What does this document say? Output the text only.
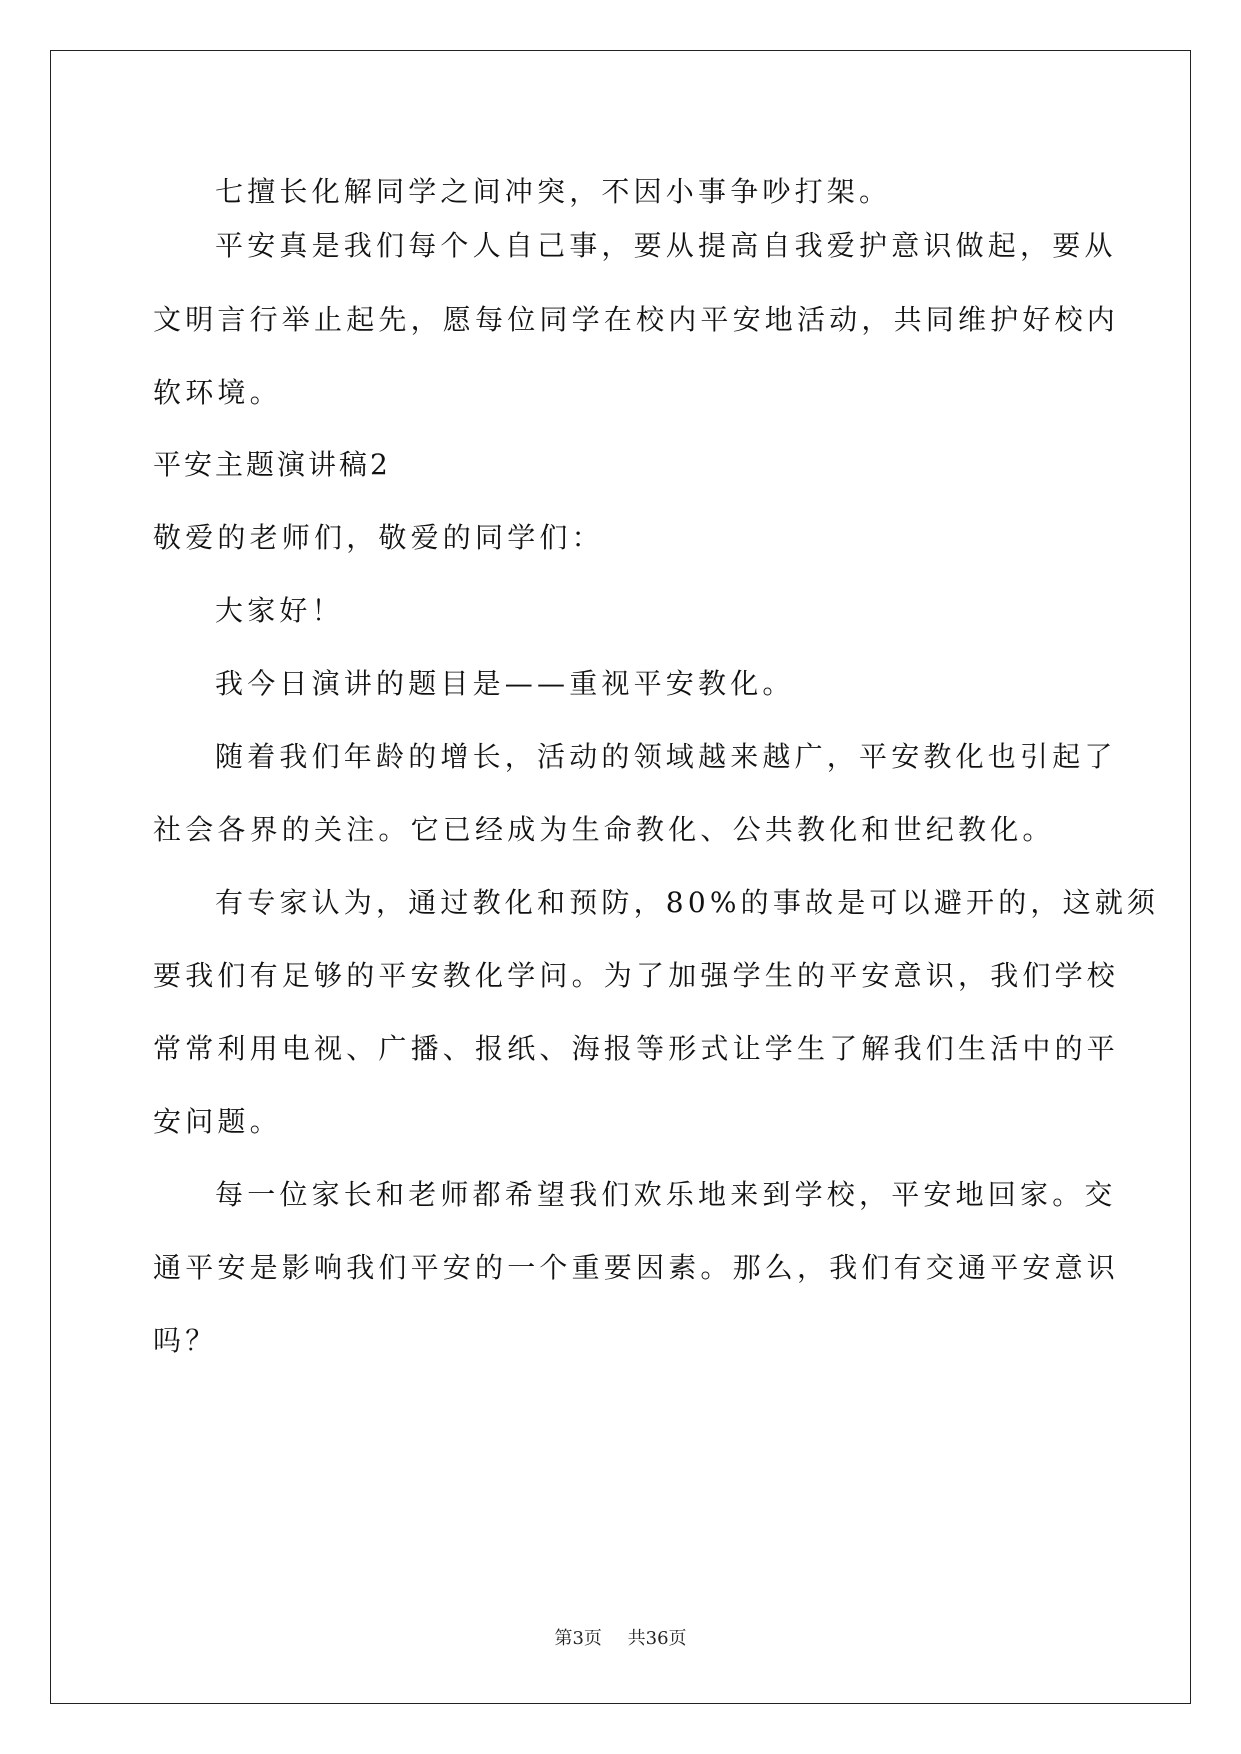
七擅长化解同学之间冲突，不因小事争吵打架。
平安真是我们每个人自己事，要从提高自我爱护意识做起，要从
文明言行举止起先，愿每位同学在校内平安地活动，共同维护好校内
软环境。
平安主题演讲稿2
敬爱的老师们，敬爱的同学们：
大家好！
我今日演讲的题目是——重视平安教化。
随着我们年龄的增长，活动的领域越来越广，平安教化也引起了
社会各界的关注。它已经成为生命教化、公共教化和世纪教化。
有专家认为，通过教化和预防，80%的事故是可以避开的，这就须
要我们有足够的平安教化学问。为了加强学生的平安意识，我们学校
常常利用电视、广播、报纸、海报等形式让学生了解我们生活中的平
安问题。
每一位家长和老师都希望我们欢乐地来到学校，平安地回家。交
通平安是影响我们平安的一个重要因素。那么，我们有交通平安意识
吗？
第3页 共36页
